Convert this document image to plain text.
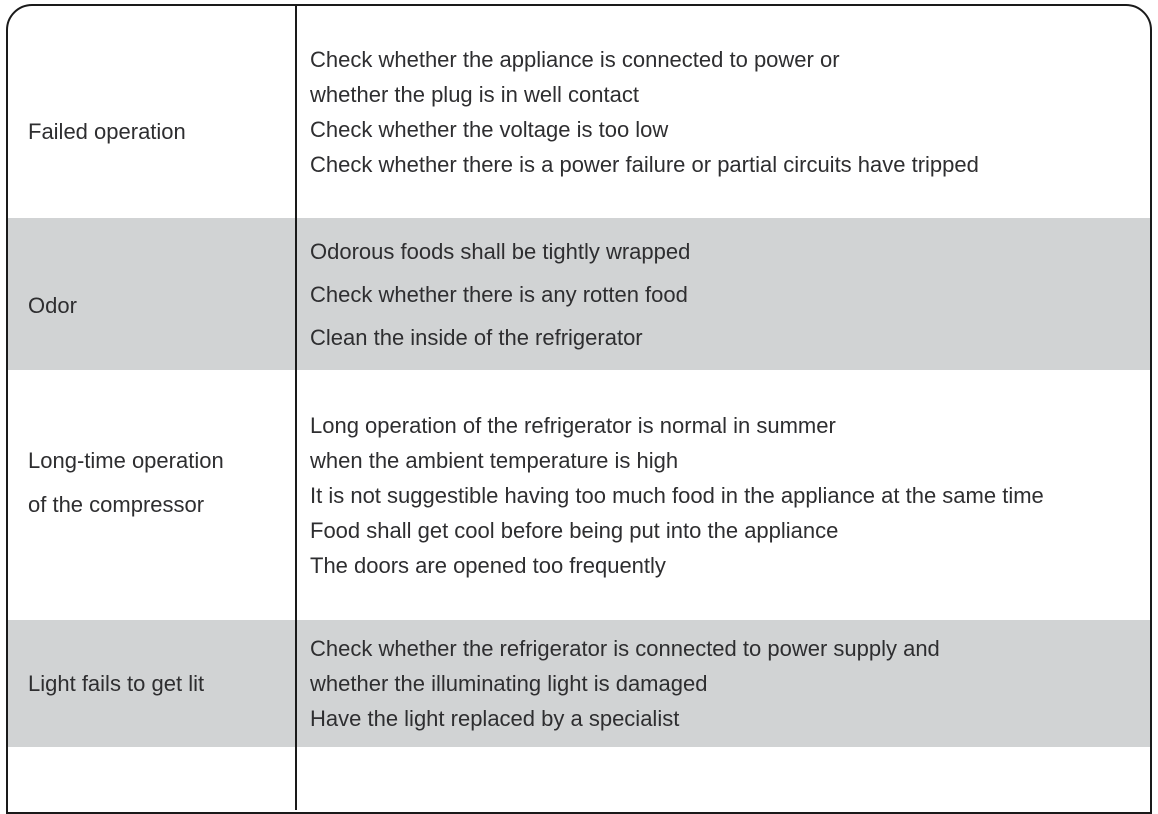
Failed operation
Check whether the appliance is connected to power or
whether the plug is in well contact
Check whether the voltage is too low
Check whether there is a power failure or partial circuits have tripped
Odor
Odorous foods shall be tightly wrapped
Check whether there is any rotten food
Clean the inside of the refrigerator
Long-time operation
of the compressor
Long operation of the refrigerator is normal in summer
when the ambient temperature is high
It is not suggestible having too much food in the appliance at the same time
Food shall get cool before being put into the appliance
The doors are opened too frequently
Light fails to get lit
Check whether the refrigerator is connected to power supply and
whether the illuminating light is damaged
Have the light replaced by a specialist
